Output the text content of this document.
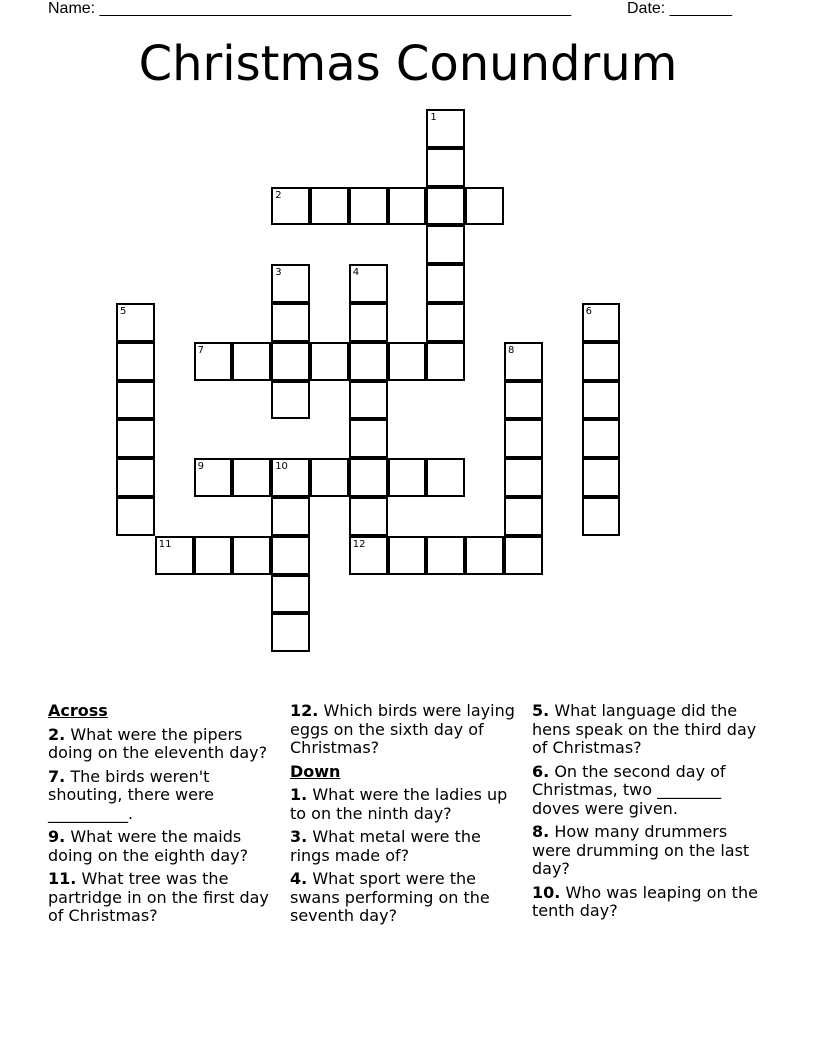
Name: _____________________________________________________	Date: _______
Christmas Conundrum
1
2
3	4
5	6
7	8
9	10
11	12
Across
2. What were the pipers doing on the eleventh day?
7. The birds weren't shouting, there were __________.
9. What were the maids doing on the eighth day?
11. What tree was the partridge in on the first day of Christmas?
12. Which birds were laying eggs on the sixth day of Christmas?
Down
1. What were the ladies up to on the ninth day?
3. What metal were the rings made of?
4. What sport were the swans performing on the seventh day?
5. What language did the hens speak on the third day of Christmas?
6. On the second day of Christmas, two ________ doves were given.
8. How many drummers were drumming on the last day?
10. Who was leaping on the tenth day?
